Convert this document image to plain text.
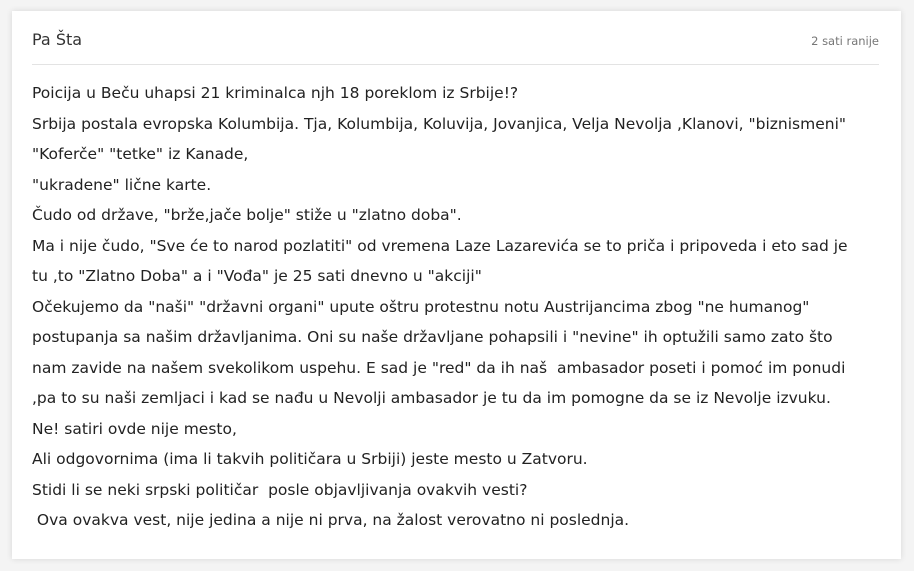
Pa Šta	2 sati ranije
Poicija u Beču uhapsi 21 kriminalca njh 18 poreklom iz Srbije!?
Srbija postala evropska Kolumbija. Tja, Kolumbija, Koluvija, Jovanjica, Velja Nevolja ,Klanovi, "biznismeni"
"Koferče" "tetke" iz Kanade,
"ukradene" lične karte.
Čudo od države, "brže,jače bolje" stiže u "zlatno doba".
Ma i nije čudo, "Sve će to narod pozlatiti" od vremena Laze Lazarevića se to priča i pripoveda i eto sad je
tu ,to "Zlatno Doba" a i "Vođa" je 25 sati dnevno u "akciji"
Očekujemo da "naši" "državni organi" upute oštru protestnu notu Austrijancima zbog "ne humanog"
postupanja sa našim državljanima. Oni su naše državljane pohapsili i "nevine" ih optužili samo zato što
nam zavide na našem svekolikom uspehu. E sad je "red" da ih naš  ambasador poseti i pomoć im ponudi
,pa to su naši zemljaci i kad se nađu u Nevolji ambasador je tu da im pomogne da se iz Nevolje izvuku.
Ne! satiri ovde nije mesto,
Ali odgovornima (ima li takvih političara u Srbiji) jeste mesto u Zatvoru.
Stidi li se neki srpski političar  posle objavljivanja ovakvih vesti?
Ova ovakva vest, nije jedina a nije ni prva, na žalost verovatno ni poslednja.
